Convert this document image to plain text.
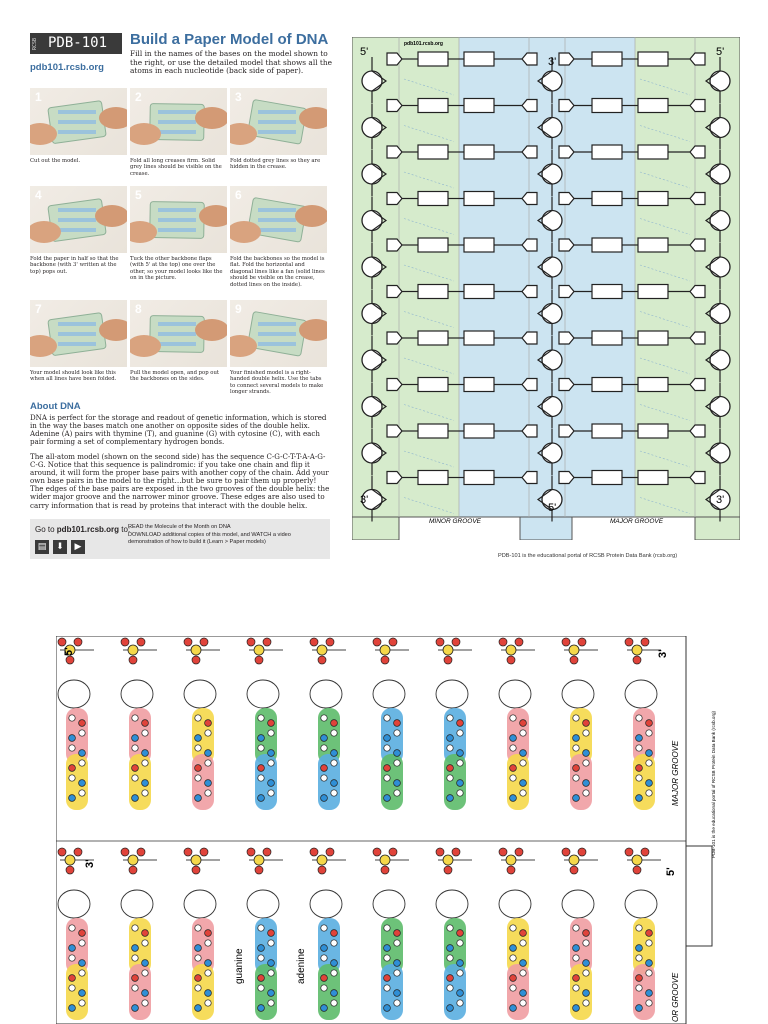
RCSB PDB-101
pdb101.rcsb.org
Build a Paper Model of DNA
Fill in the names of the bases on the model shown to the right, or use the detailed model that shows all the atoms in each nucleotide (back side of paper).
1
Cut out the model.
2
Fold all long creases firm. Solid grey lines should be visible on the crease.
3
Fold dotted grey lines so they are hidden in the crease.
4
Fold the paper in half so that the backbone (with 3' written at the top) pops out.
5
Tuck the other backbone flaps (with 5' at the top) one over the other, so your model looks like the on in the picture.
6
Fold the backbones so the model is flat. Fold the horizontal and diagonal lines like a fan (solid lines should be visible on the crease, dotted lines on the inside).
7
Your model should look like this when all lines have been folded.
8
Pull the model open, and pop out the backbones on the sides.
9
Your finished model is a right-handed double helix. Use the tabs to connect several models to make longer strands.
About DNA
DNA is perfect for the storage and readout of genetic information, which is stored in the way the bases match one another on opposite sides of the double helix. Adenine (A) pairs with thymine (T), and guanine (G) with cytosine (C), with each pair forming a set of complementary hydrogen bonds.
The all-atom model (shown on the second side) has the sequence C-G-C-T-T-A-A-G-C-G. Notice that this sequence is palindromic: if you take one chain and flip it around, it will form the proper base pairs with another copy of the chain. Add your own base pairs in the model to the right…but be sure to pair them up properly! The edges of the base pairs are exposed in the two grooves of the double helix: the wider major groove and the narrower minor groove. These edges are also used to carry information that is read by proteins that interact with the double helix.
Go to pdb101.rcsb.org to:
▤	⬇	▶
READ the Molecule of the Month on DNA
DOWNLOAD additional copies of this model, and WATCH a video demonstration of how to build it (Learn > Paper models)
pdb101.rcsb.org
5'	5'
3'
3'	3'
5'
MINOR GROOVE	MAJOR GROOVE
PDB-101 is the educational portal of RCSB Protein Data Bank (rcsb.org)
5'	3'
3'
5'
MAJOR GROOVE
OR GROOVE
guanine	adenine
PDB-101 is the educational portal of RCSB Protein Data Bank (rcsb.org)
